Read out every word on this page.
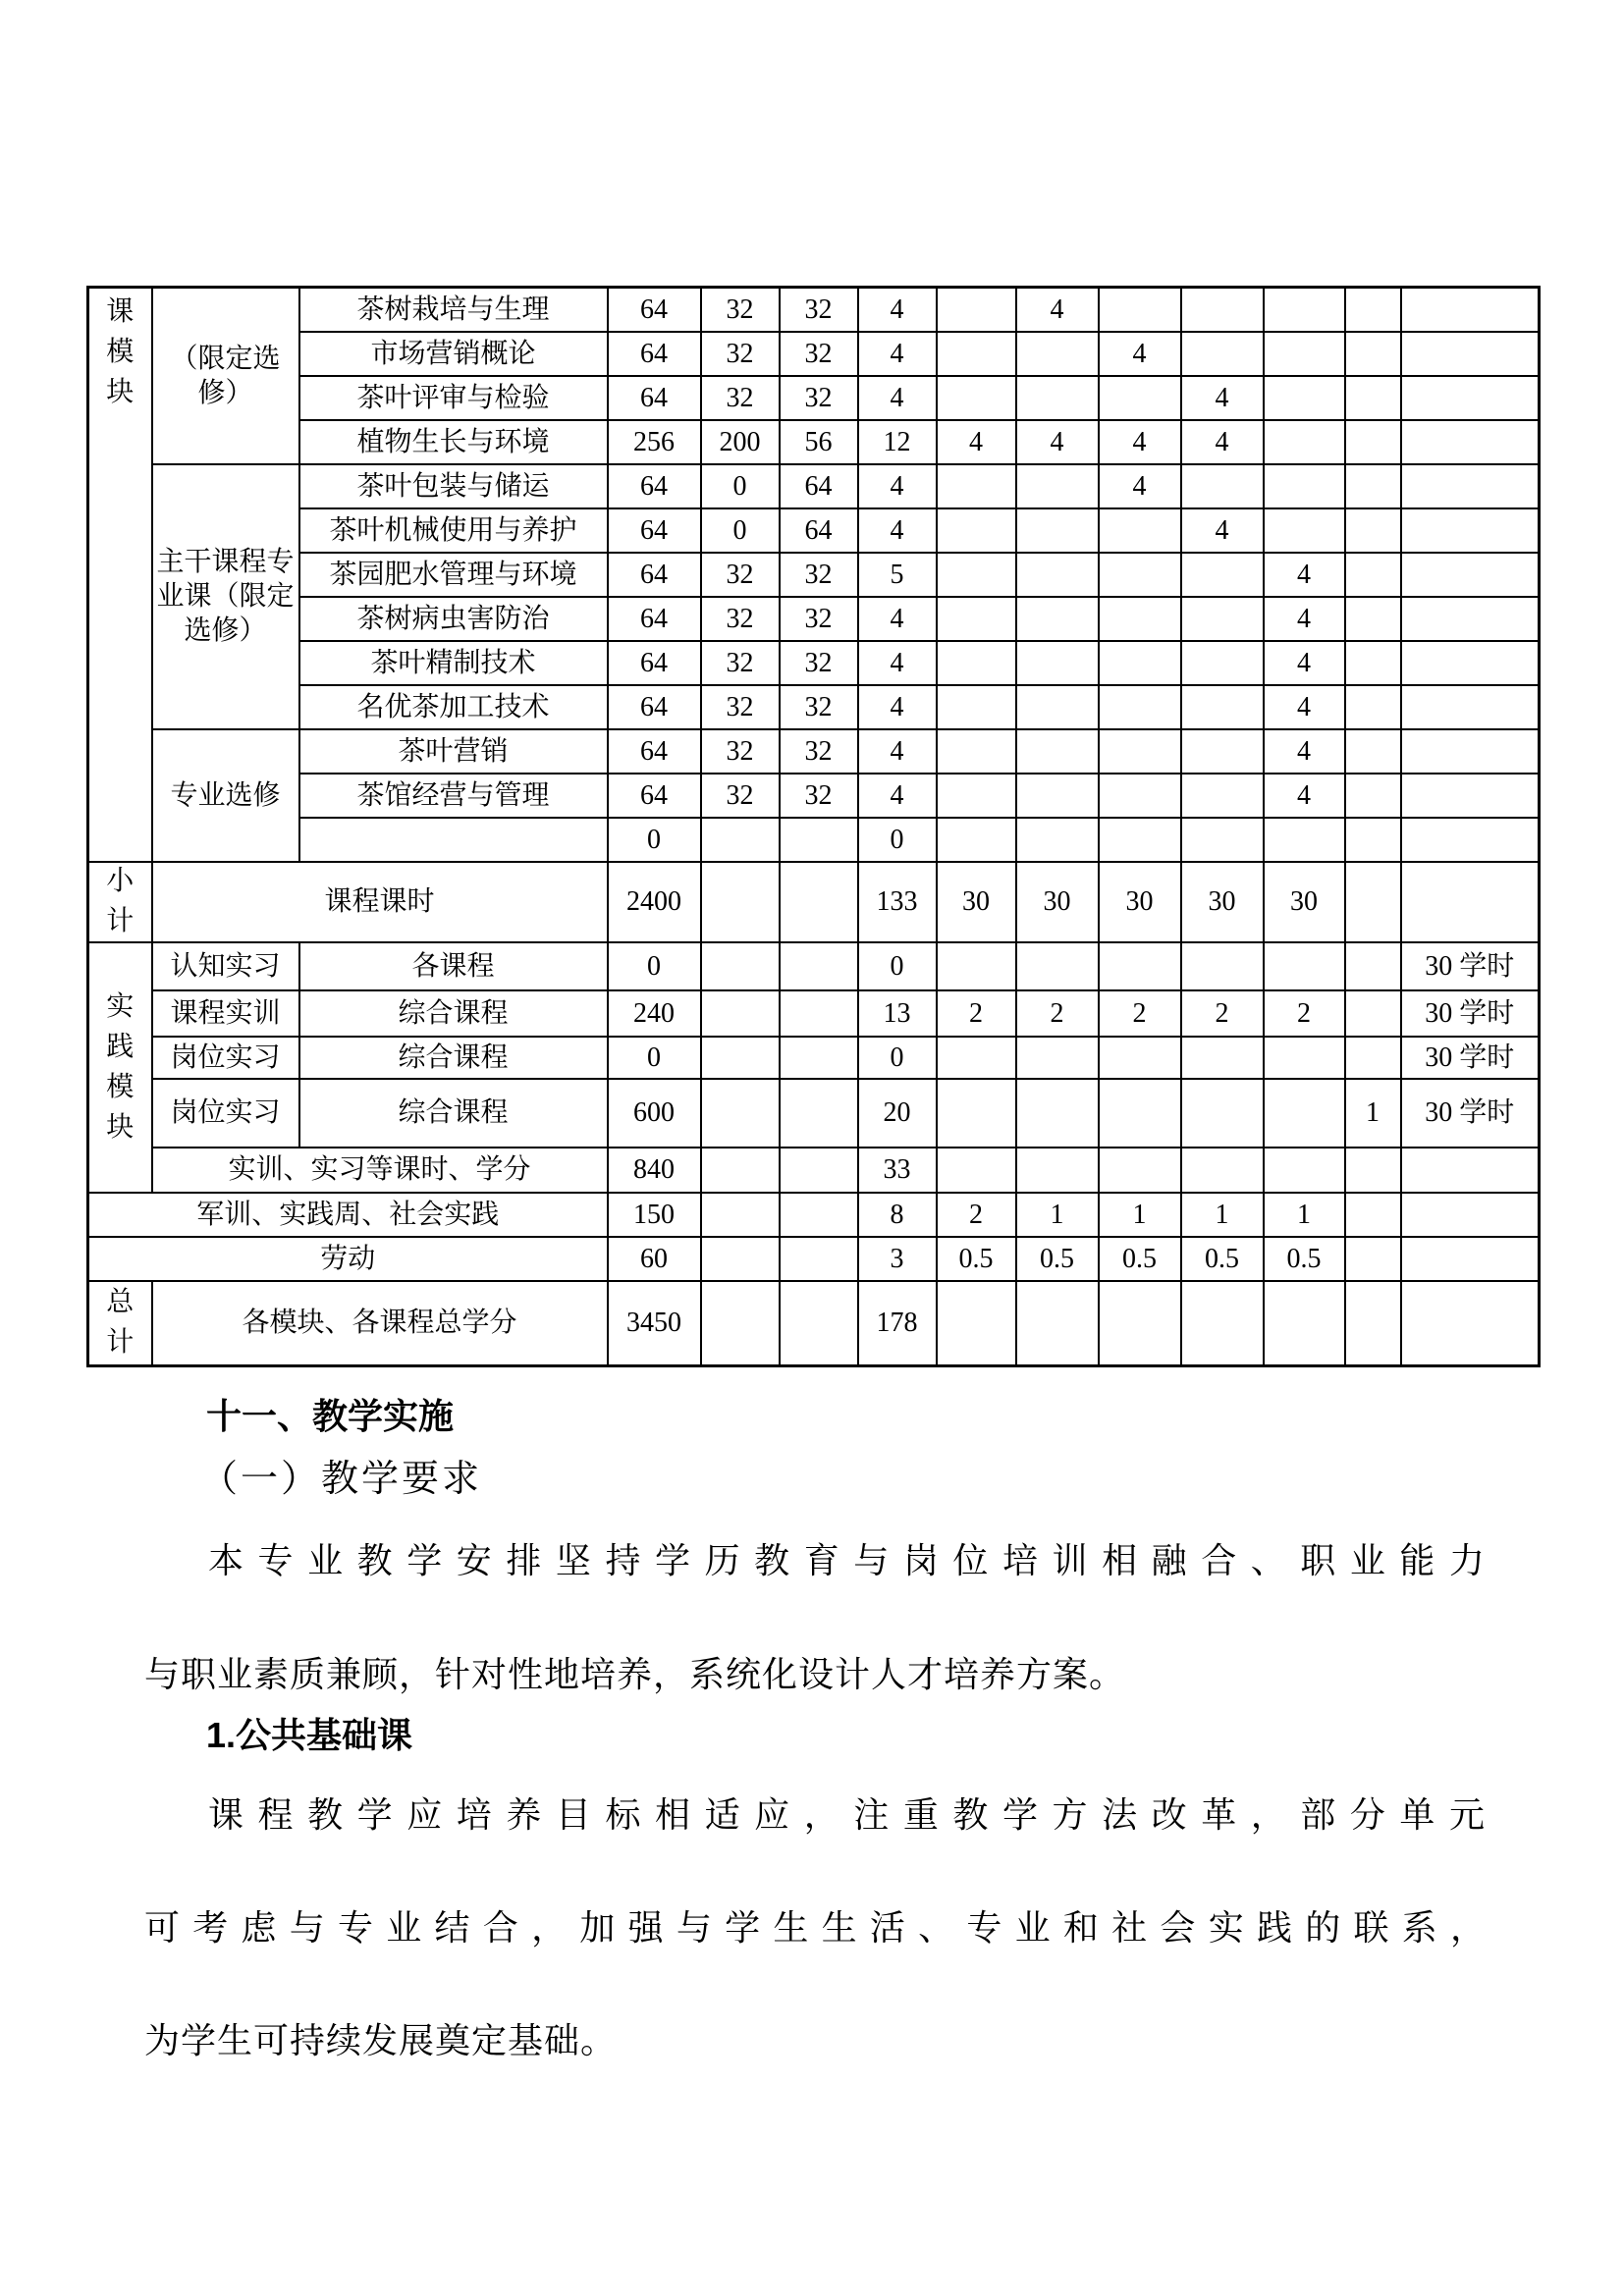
课
模
块	（限定选修）	茶树栽培与生理	64	32	32	4		4					
		市场营销概论	64	32	32	4			4				
		茶叶评审与检验	64	32	32	4				4			
		植物生长与环境	256	200	56	12	4	4	4	4			
	主干课程专业课（限定选修）	茶叶包装与储运	64	0	64	4			4				
		茶叶机械使用与养护	64	0	64	4				4			
		茶园肥水管理与环境	64	32	32	5					4		
		茶树病虫害防治	64	32	32	4					4		
		茶叶精制技术	64	32	32	4					4		
		名优茶加工技术	64	32	32	4					4		
	专业选修	茶叶营销	64	32	32	4					4		
		茶馆经营与管理	64	32	32	4					4		
			0			0							

小
计	课程课时		2400			133	30	30	30	30	30		

实
践
模
块	认知实习	各课程	0			0							30 学时
	课程实训	综合课程	240			13	2	2	2	2	2		30 学时
	岗位实习	综合课程	0			0							30 学时
	岗位实习	综合课程	600			20						1	30 学时
	实训、实习等课时、学分		840			33							
军训、实践周、社会实践			150			8	2	1	1	1	1		
劳动			60			3	0.5	0.5	0.5	0.5	0.5		

总
计	各模块、各课程总学分		3450			178							
十一、教学实施
（一）教学要求
本专业教学安排坚持学历教育与岗位培训相融合、职业能力
与职业素质兼顾，针对性地培养，系统化设计人才培养方案。
1.公共基础课
课程教学应培养目标相适应，注重教学方法改革，部分单元
可考虑与专业结合，加强与学生生活、专业和社会实践的联系，
为学生可持续发展奠定基础。
